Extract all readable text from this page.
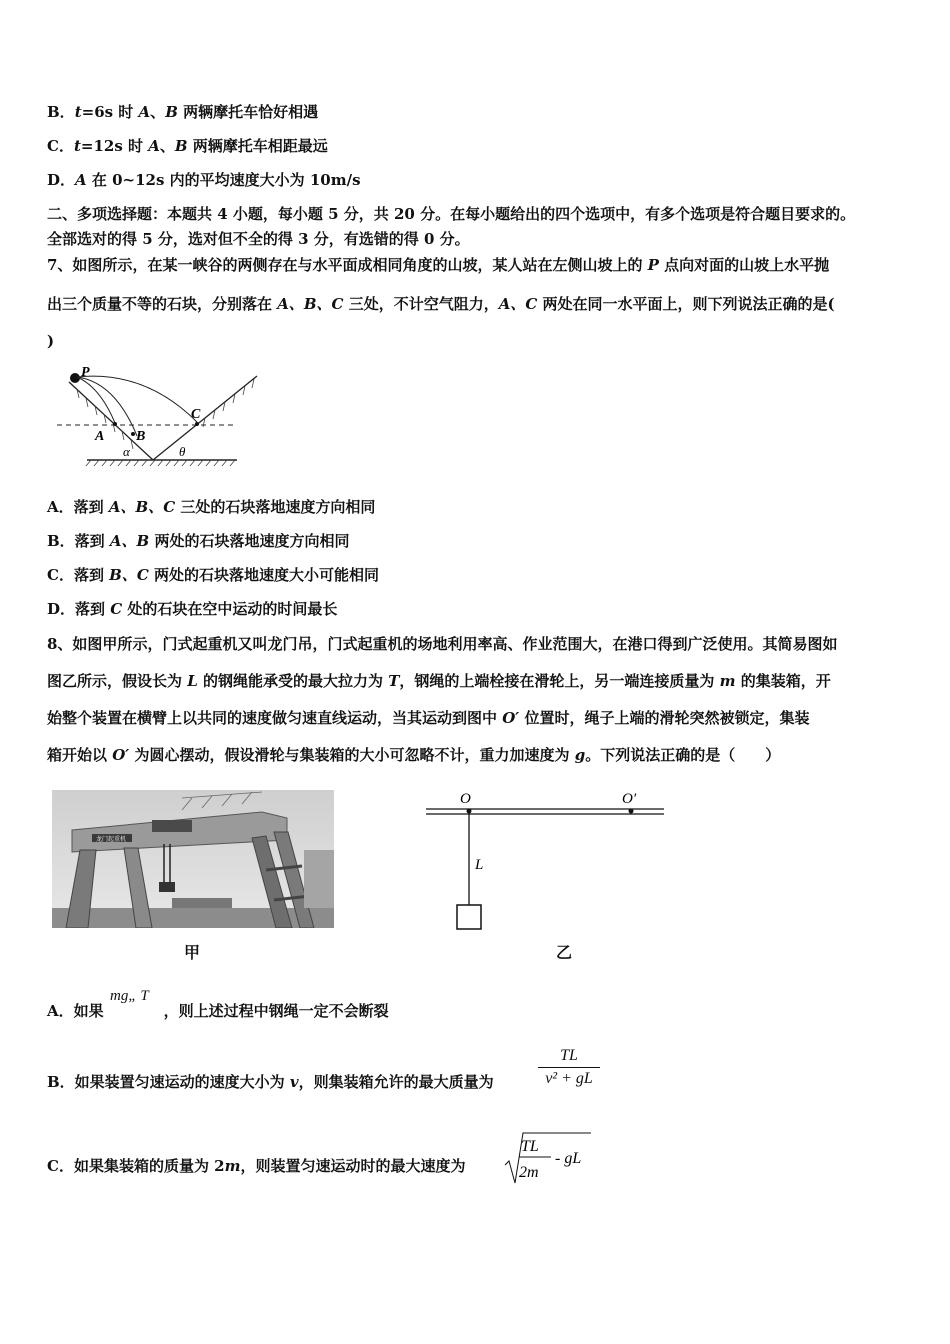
B．t=6s 时 A、B 两辆摩托车恰好相遇
C．t=12s 时 A、B 两辆摩托车相距最远
D．A 在 0~12s 内的平均速度大小为 10m/s
二、多项选择题：本题共 4 小题，每小题 5 分，共 20 分。在每小题给出的四个选项中，有多个选项是符合题目要求的。
全部选对的得 5 分，选对但不全的得 3 分，有选错的得 0 分。
7、如图所示，在某一峡谷的两侧存在与水平面成相同角度的山坡，某人站在左侧山坡上的 P 点向对面的山坡上水平抛
出三个质量不等的石块，分别落在 A、B、C 三处，不计空气阻力，A、C 两处在同一水平面上，则下列说法正确的是(
)
P
A B
C
α	θ
A．落到 A、B、C 三处的石块落地速度方向相同
B．落到 A、B 两处的石块落地速度方向相同
C．落到 B、C 两处的石块落地速度大小可能相同
D．落到 C 处的石块在空中运动的时间最长
8、如图甲所示，门式起重机又叫龙门吊，门式起重机的场地利用率高、作业范围大，在港口得到广泛使用。其简易图如
图乙所示，假设长为 L 的钢绳能承受的最大拉力为 T，钢绳的上端栓接在滑轮上，另一端连接质量为 m 的集装箱，开
始整个装置在横臂上以共同的速度做匀速直线运动，当其运动到图中 O′ 位置时，绳子上端的滑轮突然被锁定，集装
箱开始以 O′ 为圆心摆动，假设滑轮与集装箱的大小可忽略不计，重力加速度为 g。下列说法正确的是（　　）
龙门起重机
甲
O	O′
L
乙
A．如果	，则上述过程中钢绳一定不会断裂
mg„ T
B．如果装置匀速运动的速度大小为 v，则集装箱允许的最大质量为
TL
v² + gL
C．如果集装箱的质量为 2m，则装置匀速运动时的最大速度为
TL
2m
- gL
